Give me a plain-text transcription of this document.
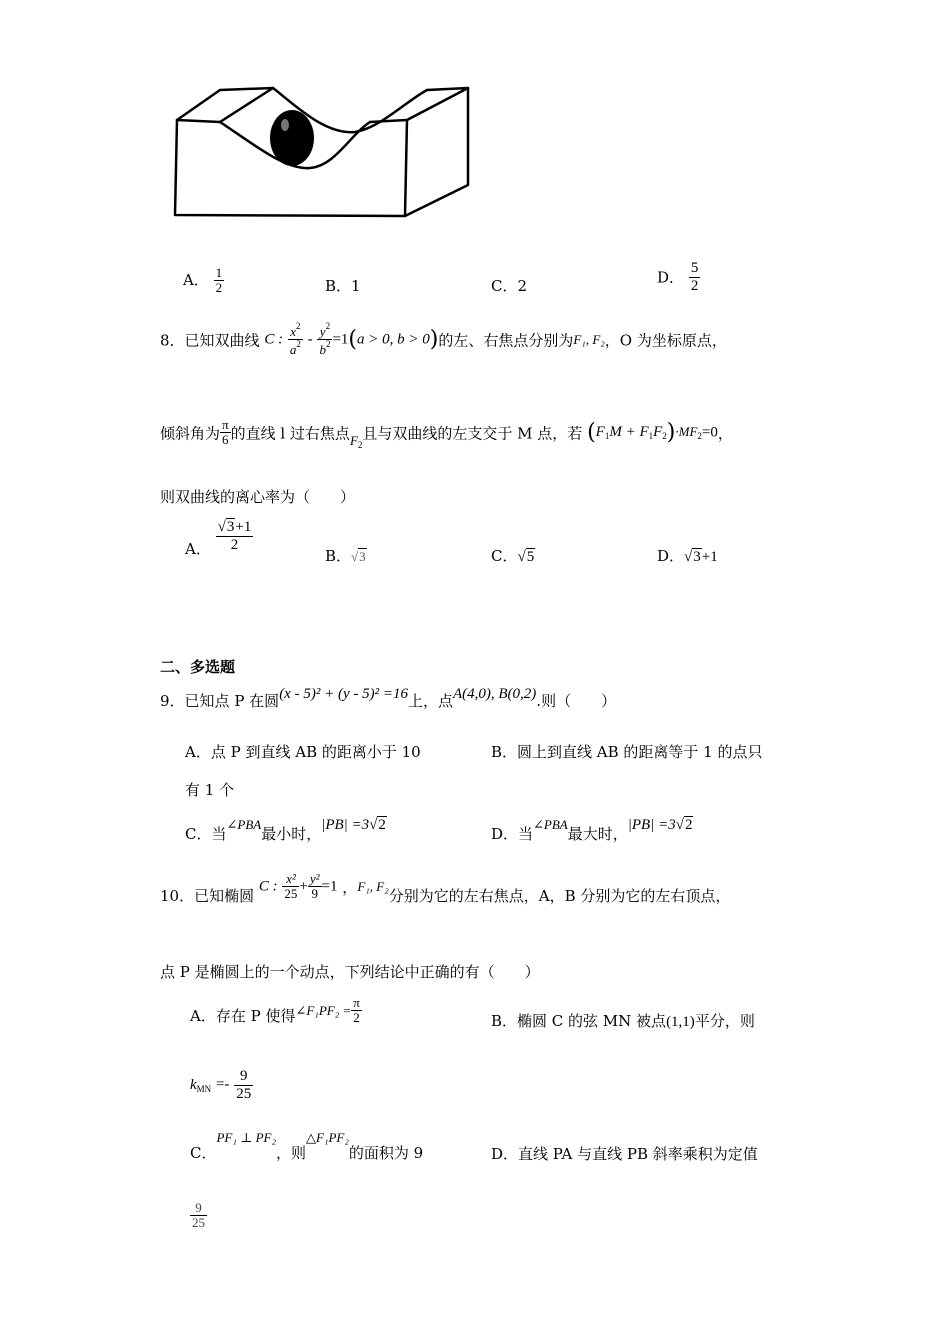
A． $\frac{1}{2}$	B．1	C．2	D． $\frac{5}{2}$
8．已知双曲线 C : $\frac{x^2}{a^2} - \frac{y^2}{b^2} =1(a > 0$, b > 0)的左、右焦点分别为F₁, F₂，O 为坐标原点，
倾斜角为 $\frac{\pi}{6}$ 的直线 l 过右焦点$F_2$且与双曲线的左支交于 M 点，若 $(F_1M + F_1F_2)\cdot MF_2=0$，
则双曲线的离心率为（　　）
A． $\frac{√3+1}{2}$
B．√3	C．√5	D．√3+1
二、多选题
9．已知点 P 在圆(x - 5)² + (y - 5)² =16上，点A(4,0), B(0,2).则（　　）
A．点 P 到直线 AB 的距离小于 10	B．圆上到直线 AB 的距离等于 1 的点只
有 1 个
C．当∠PBA最小时，|PB| =3√2	D．当∠PBA最大时，|PB| =3√2
10．已知椭圆 C : $\frac{\text{x²}}{25} + \frac{\text{y²}}{9} =1$ ，F₁, F₂分别为它的左右焦点，A，B 分别为它的左右顶点，
点 P 是椭圆上的一个动点，下列结论中正确的有（　　）
A．存在 P 使得∠F₁PF₂ = $\frac{\pi}{2}$	B．椭圆 C 的弦 MN 被点(1,1)平分，则
$k_{MN} =- \frac{9}{25}$
C．PF₁ ⊥ PF₂，则△F₁PF₂的面积为 9	D．直线 PA 与直线 PB 斜率乘积为定值
$\frac{9}{25}$
